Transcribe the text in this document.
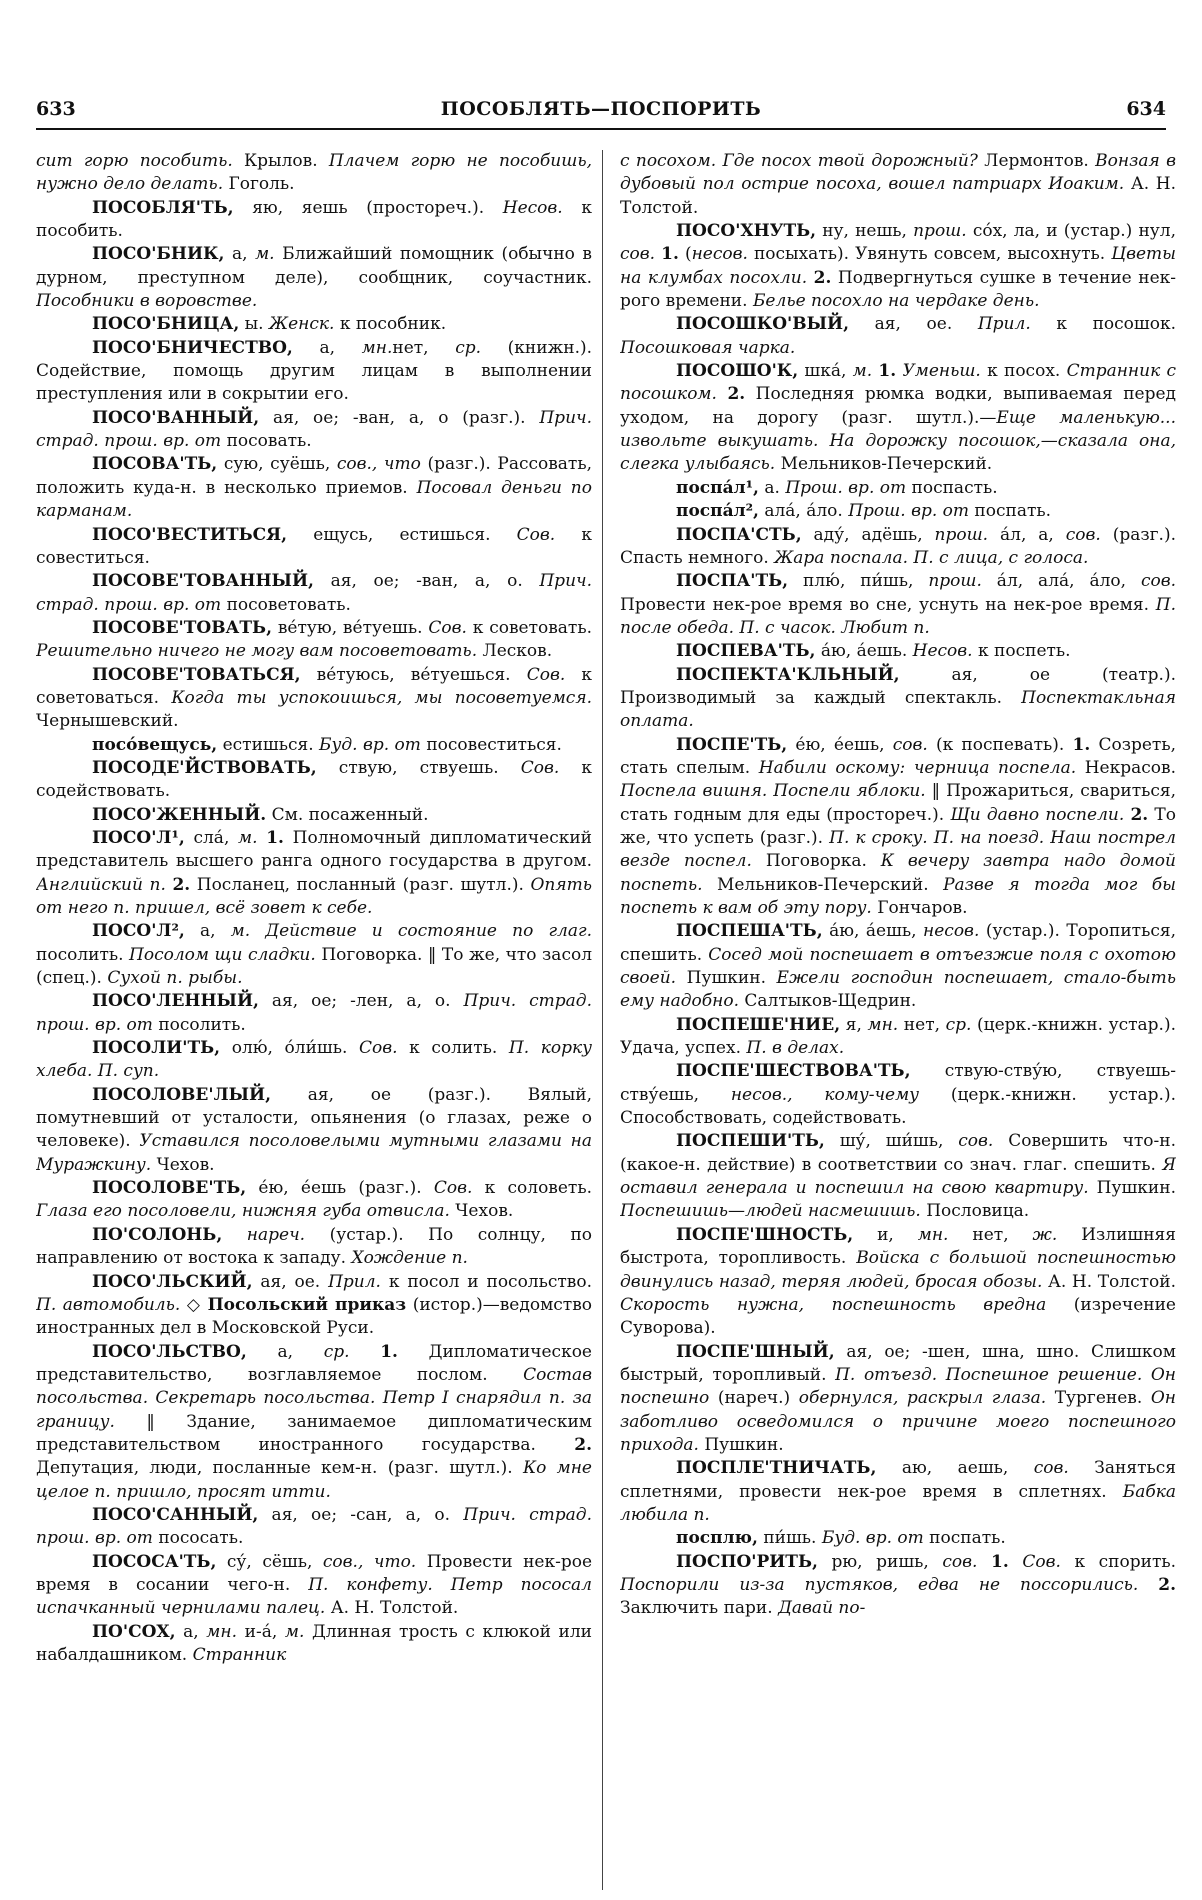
633	ПОСОБЛЯТЬ—ПОСПОРИТЬ	634

сит горю пособить. Крылов. Плачем горю не пособишь, нужно дело делать. Гоголь.

ПОСОБЛЯ'ТЬ, яю, яешь (простореч.). Несов. к пособить.

ПОСО'БНИК, а, м. Ближайший помощник (обычно в дурном, преступном деле), сообщник, соучастник. Пособники в воровстве.

ПОСО'БНИЦА, ы. Женск. к пособник.

ПОСО'БНИЧЕСТВО, а, мн.нет, ср. (книжн.). Содействие, помощь другим лицам в выполнении преступления или в сокрытии его.

ПОСО'ВАННЫЙ, ая, ое; -ван, а, о (разг.). Прич. страд. прош. вр. от посовать.

ПОСОВА'ТЬ, сую, суёшь, сов., что (разг.). Рассовать, положить куда-н. в несколько приемов. Посовал деньги по карманам.

ПОСО'ВЕСТИТЬСЯ, ещусь, естишься. Сов. к совеститься.

ПОСОВЕ'ТОВАННЫЙ, ая, ое; -ван, а, о. Прич. страд. прош. вр. от посоветовать.

ПОСОВЕ'ТОВАТЬ, ве́тую, ве́туешь. Сов. к советовать. Решительно ничего не могу вам посоветовать. Лесков.

ПОСОВЕ'ТОВАТЬСЯ, ве́туюсь, ве́туешься. Сов. к советоваться. Когда ты успокоишься, мы посоветуемся. Чернышевский.

посо́вещусь, естишься. Буд. вр. от посовеститься.

ПОСОДЕ'ЙСТВОВАТЬ, ствую, ствуешь. Сов. к содействовать.

ПОСО'ЖЕННЫЙ. См. посаженный.

ПОСО'Л¹, сла́, м. 1. Полномочный дипломатический представитель высшего ранга одного государства в другом. Английский п. 2. Посланец, посланный (разг. шутл.). Опять от него п. пришел, всё зовет к себе.

ПОСО'Л², а, м. Действие и состояние по глаг. посолить. Посолом щи сладки. Поговорка. ‖ То же, что засол (спец.). Сухой п. рыбы.

ПОСО'ЛЕННЫЙ, ая, ое; -лен, а, о. Прич. страд. прош. вр. от посолить.

ПОСОЛИ'ТЬ, олю́, о́ли́шь. Сов. к солить. П. корку хлеба. П. суп.

ПОСОЛОВЕ'ЛЫЙ, ая, ое (разг.). Вялый, помутневший от усталости, опьянения (о глазах, реже о человеке). Уставился посоловелыми мутными глазами на Муражкину. Чехов.

ПОСОЛОВЕ'ТЬ, е́ю, е́ешь (разг.). Сов. к соловеть. Глаза его посоловели, нижняя губа отвисла. Чехов.

ПО'СОЛОНЬ, нареч. (устар.). По солнцу, по направлению от востока к западу. Хождение п.

ПОСО'ЛЬСКИЙ, ая, ое. Прил. к посол и посольство. П. автомобиль. ◇ Посольский приказ (истор.)—ведомство иностранных дел в Московской Руси.

ПОСО'ЛЬСТВО, а, ср. 1. Дипломатическое представительство, возглавляемое послом. Состав посольства. Секретарь посольства. Петр I снарядил п. за границу. ‖ Здание, занимаемое дипломатическим представительством иностранного государства. 2. Депутация, люди, посланные кем-н. (разг. шутл.). Ко мне целое п. пришло, просят итти.

ПОСО'САННЫЙ, ая, ое; -сан, а, о. Прич. страд. прош. вр. от пососать.

ПОСОСА'ТЬ, су́, сёшь, сов., что. Провести нек-рое время в сосании чего-н. П. конфету. Петр пососал испачканный чернилами палец. А. Н. Толстой.

ПО'СОХ, а, мн. и-а́, м. Длинная трость с клюкой или набалдашником. Странник

с посохом. Где посох твой дорожный? Лермонтов. Вонзая в дубовый пол острие посоха, вошел патриарх Иоаким. А. Н. Толстой.

ПОСО'ХНУТЬ, ну, нешь, прош. со́х, ла, и (устар.) нул, сов. 1. (несов. посыхать). Увянуть совсем, высохнуть. Цветы на клумбах посохли. 2. Подвергнуться сушке в течение нек-рого времени. Белье посохло на чердаке день.

ПОСОШКО'ВЫЙ, ая, ое. Прил. к посошок. Посошковая чарка.

ПОСОШО'К, шка́, м. 1. Уменьш. к посох. Странник с посошком. 2. Последняя рюмка водки, выпиваемая перед уходом, на дорогу (разг. шутл.).—Еще маленькую... извольте выкушать. На дорожку посошок,—сказала она, слегка улыбаясь. Мельников-Печерский.

поспа́л¹, а. Прош. вр. от поспасть.

поспа́л², ала́, а́ло. Прош. вр. от поспать.

ПОСПА'СТЬ, аду́, адёшь, прош. а́л, а, сов. (разг.). Спасть немного. Жара поспала. П. с лица, с голоса.

ПОСПА'ТЬ, плю́, пи́шь, прош. а́л, ала́, а́ло, сов. Провести нек-рое время во сне, уснуть на нек-рое время. П. после обеда. П. с часок. Любит п.

ПОСПЕВА'ТЬ, а́ю, а́ешь. Несов. к поспеть.

ПОСПЕКТА'КЛЬНЫЙ, ая, ое (театр.). Производимый за каждый спектакль. Поспектакльная оплата.

ПОСПЕ'ТЬ, е́ю, е́ешь, сов. (к поспевать). 1. Созреть, стать спелым. Набили оскому: черница поспела. Некрасов. Поспела вишня. Поспели яблоки. ‖ Прожариться, свариться, стать годным для еды (простореч.). Щи давно поспели. 2. То же, что успеть (разг.). П. к сроку. П. на поезд. Наш пострел везде поспел. Поговорка. К вечеру завтра надо домой поспеть. Мельников-Печерский. Разве я тогда мог бы поспеть к вам об эту пору. Гончаров.

ПОСПЕША'ТЬ, а́ю, а́ешь, несов. (устар.). Торопиться, спешить. Сосед мой поспешает в отъезжие поля с охотою своей. Пушкин. Ежели господин поспешает, стало-быть ему надобно. Салтыков-Щедрин.

ПОСПЕШЕ'НИЕ, я, мн. нет, ср. (церк.-книжн. устар.). Удача, успех. П. в делах.

ПОСПЕ'ШЕСТВОВА'ТЬ, ствую-ству́ю, ствуешь-ству́ешь, несов., кому-чему (церк.-книжн. устар.). Способствовать, содействовать.

ПОСПЕШИ'ТЬ, шу́, ши́шь, сов. Совершить что-н. (какое-н. действие) в соответствии со знач. глаг. спешить. Я оставил генерала и поспешил на свою квартиру. Пушкин. Поспешишь—людей насмешишь. Пословица.

ПОСПЕ'ШНОСТЬ, и, мн. нет, ж. Излишняя быстрота, торопливость. Войска с большой поспешностью двинулись назад, теряя людей, бросая обозы. А. Н. Толстой. Скорость нужна, поспешность вредна (изречение Суворова).

ПОСПЕ'ШНЫЙ, ая, ое; -шен, шна, шно. Слишком быстрый, торопливый. П. отъезд. Поспешное решение. Он поспешно (нареч.) обернулся, раскрыл глаза. Тургенев. Он заботливо осведомился о причине моего поспешного прихода. Пушкин.

ПОСПЛЕ'ТНИЧАТЬ, аю, аешь, сов. Заняться сплетнями, провести нек-рое время в сплетнях. Бабка любила п.

посплю, пи́шь. Буд. вр. от поспать.

ПОСПО'РИТЬ, рю, ришь, сов. 1. Сов. к спорить. Поспорили из-за пустяков, едва не поссорились. 2. Заключить пари. Давай по-
